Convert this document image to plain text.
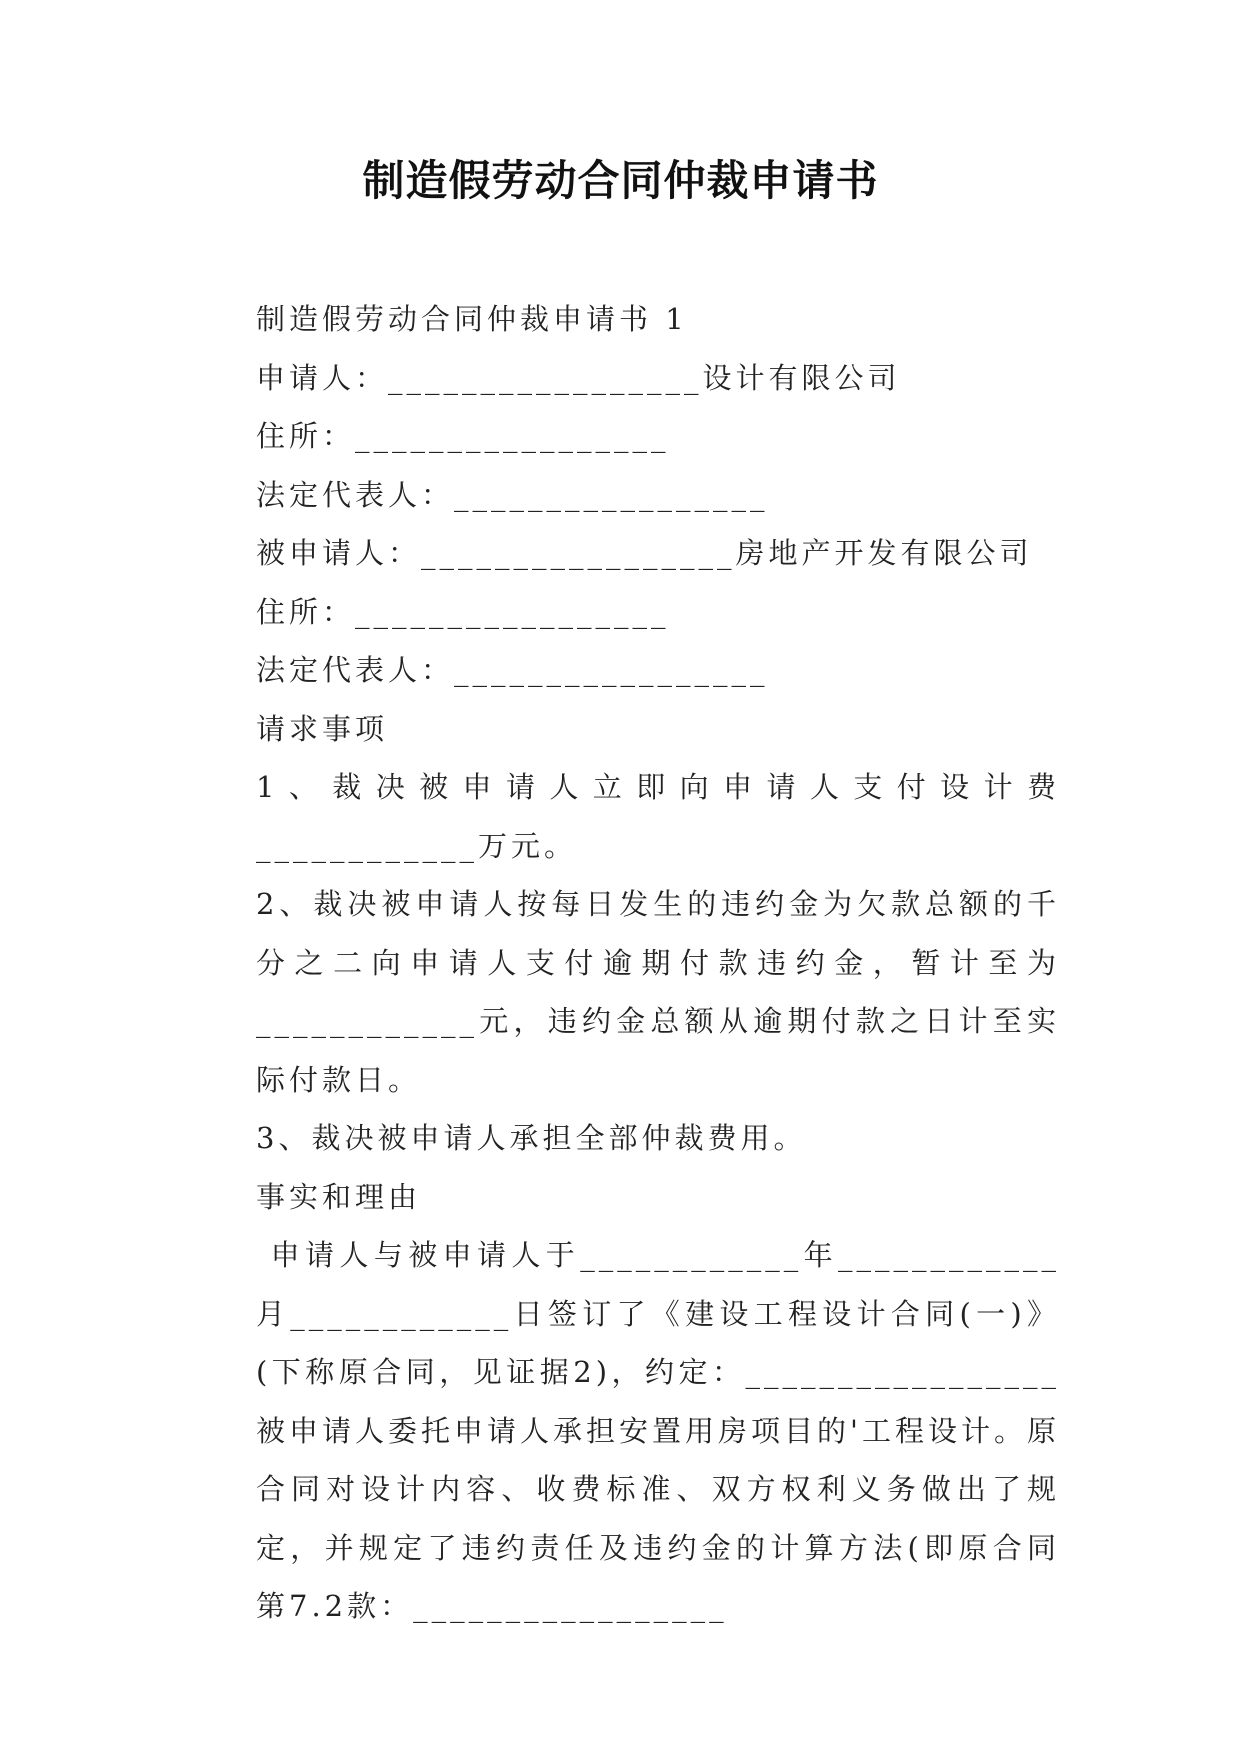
制造假劳动合同仲裁申请书

制造假劳动合同仲裁申请书 1

申请人：_________________设计有限公司

住所：_________________

法定代表人：_________________

被申请人：_________________房地产开发有限公司

住所：_________________

法定代表人：_________________

请求事项

1、裁决被申请人立即向申请人支付设计费____________万元。

2、裁决被申请人按每日发生的违约金为欠款总额的千分之二向申请人支付逾期付款违约金，暂计至为____________元，违约金总额从逾期付款之日计至实际付款日。

3、裁决被申请人承担全部仲裁费用。

事实和理由

申请人与被申请人于____________年____________月____________日签订了《建设工程设计合同(一)》(下称原合同，见证据2)，约定：_________________被申请人委托申请人承担安置用房项目的'工程设计。原合同对设计内容、收费标准、双方权利义务做出了规定，并规定了违约责任及违约金的计算方法(即原合同第7.2款：_________________
